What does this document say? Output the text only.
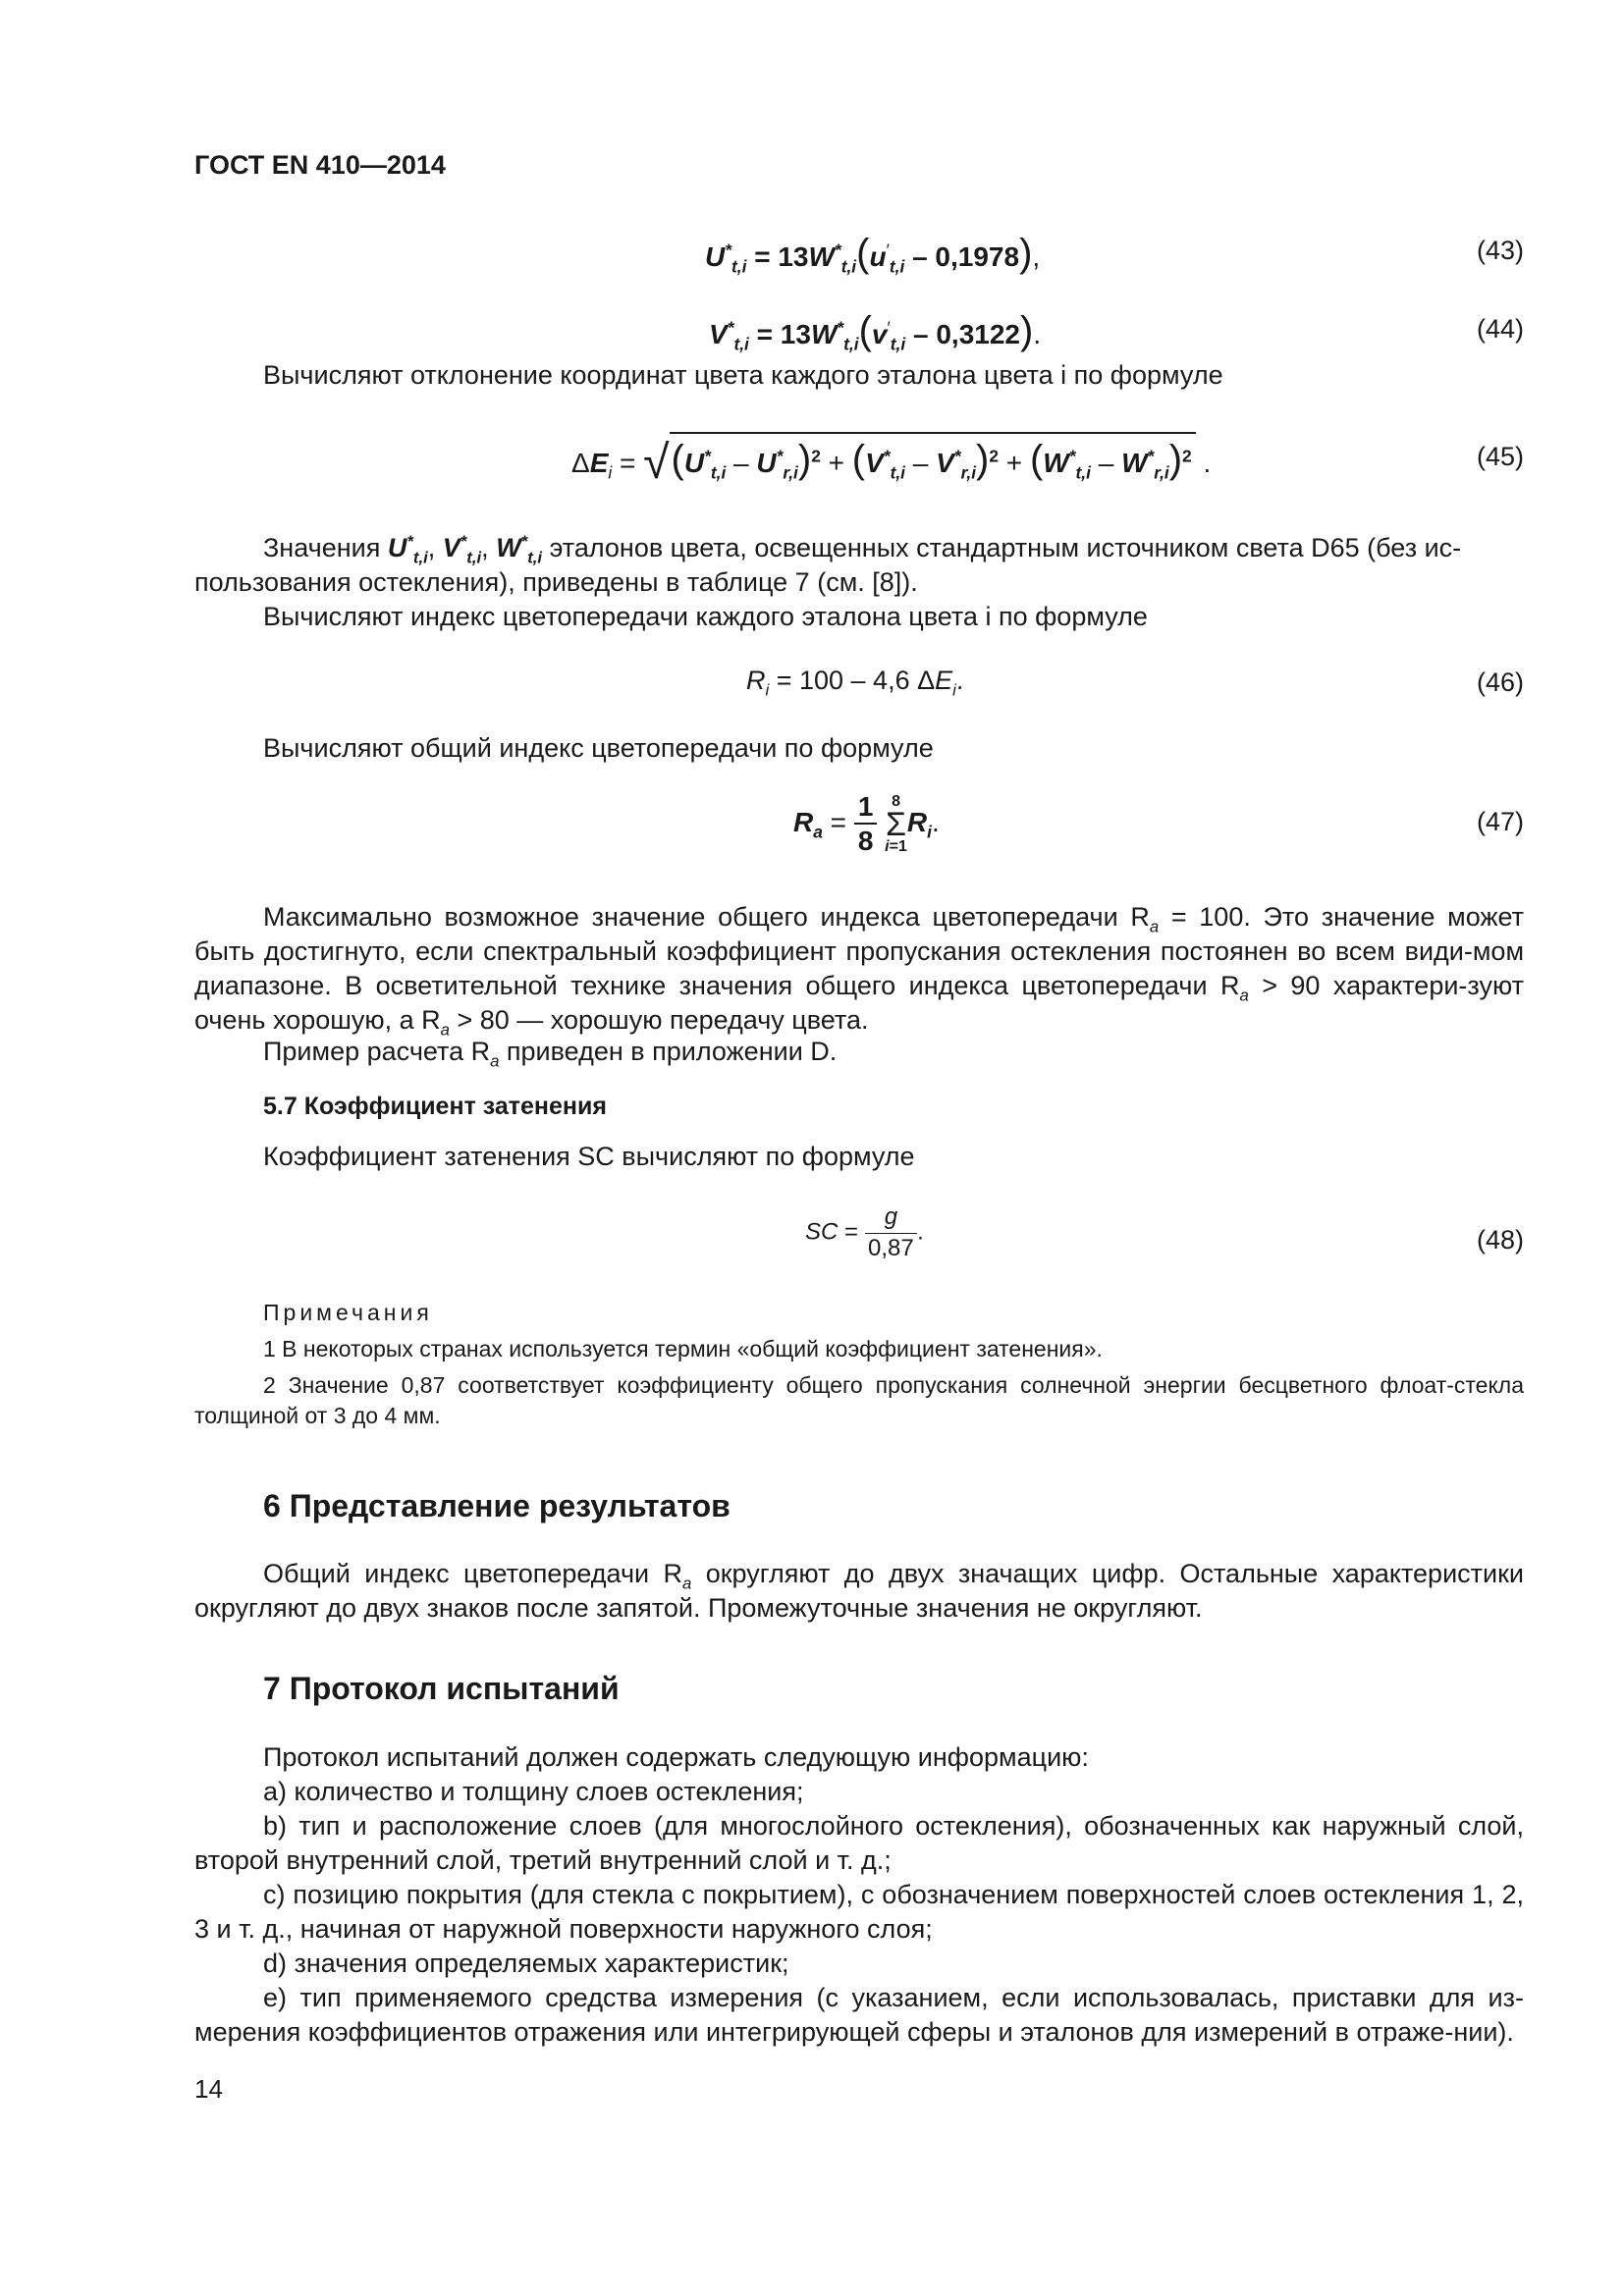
ГОСТ EN 410—2014
$U^*_{t,i} = 13W^*_{t,i}(u'_{t,i} - 0,1978)$,	(43)
$V^*_{t,i} = 13W^*_{t,i}(v'_{t,i} - 0,3122)$.	(44)
Вычисляют отклонение координат цвета каждого эталона цвета i по формуле
$\Delta E_i = √(U^*_{t,i} - U^*_{r,i})^2 + (V^*_{t,i} - V^*_{r,i})^2 + (W^*_{t,i} - W^*_{r,i})^2$ .	(45)
Значения $U^*_{t,i}$, $V^*_{t,i}$, $W^*_{t,i}$ эталонов цвета, освещенных стандартным источником света D65 (без ис-
пользования остекления), приведены в таблице 7 (см. [8]).
Вычисляют индекс цветопередачи каждого эталона цвета i по формуле
$R_i = 100 - 4,6$ $\Delta E_i$.	(46)
Вычисляют общий индекс цветопередачи по формуле
$R_a = \frac{1}{8} 8$
Σ
$i=1R_i$.	(47)
Максимально возможное значение общего индекса цветопередачи $R_a = 100$. Это значение может быть достигнуто, если спектральный коэффициент пропускания остекления постоянен во всем види-мом диапазоне. В осветительной технике значения общего индекса цветопередачи $R_a > 90$ характери-зуют очень хорошую, а $R_a > 80$ — хорошую передачу цвета.
Пример расчета $R_a$ приведен в приложении D.
5.7 Коэффициент затенения
Коэффициент затенения SC вычисляют по формуле
SC = $\frac{g}{0,87}$ .	(48)
Примечания
1 В некоторых странах используется термин «общий коэффициент затенения».
2 Значение 0,87 соответствует коэффициенту общего пропускания солнечной энергии бесцветного флоат-стекла толщиной от 3 до 4 мм.
6 Представление результатов
Общий индекс цветопередачи $R_a$ округляют до двух значащих цифр. Остальные характеристики округляют до двух знаков после запятой. Промежуточные значения не округляют.
7 Протокол испытаний
Протокол испытаний должен содержать следующую информацию:
a) количество и толщину слоев остекления;
b) тип и расположение слоев (для многослойного остекления), обозначенных как наружный слой, второй внутренний слой, третий внутренний слой и т. д.;
c) позицию покрытия (для стекла с покрытием), с обозначением поверхностей слоев остекления 1, 2, 3 и т. д., начиная от наружной поверхности наружного слоя;
d) значения определяемых характеристик;
e) тип применяемого средства измерения (с указанием, если использовалась, приставки для из-мерения коэффициентов отражения или интегрирующей сферы и эталонов для измерений в отраже-нии).
14
